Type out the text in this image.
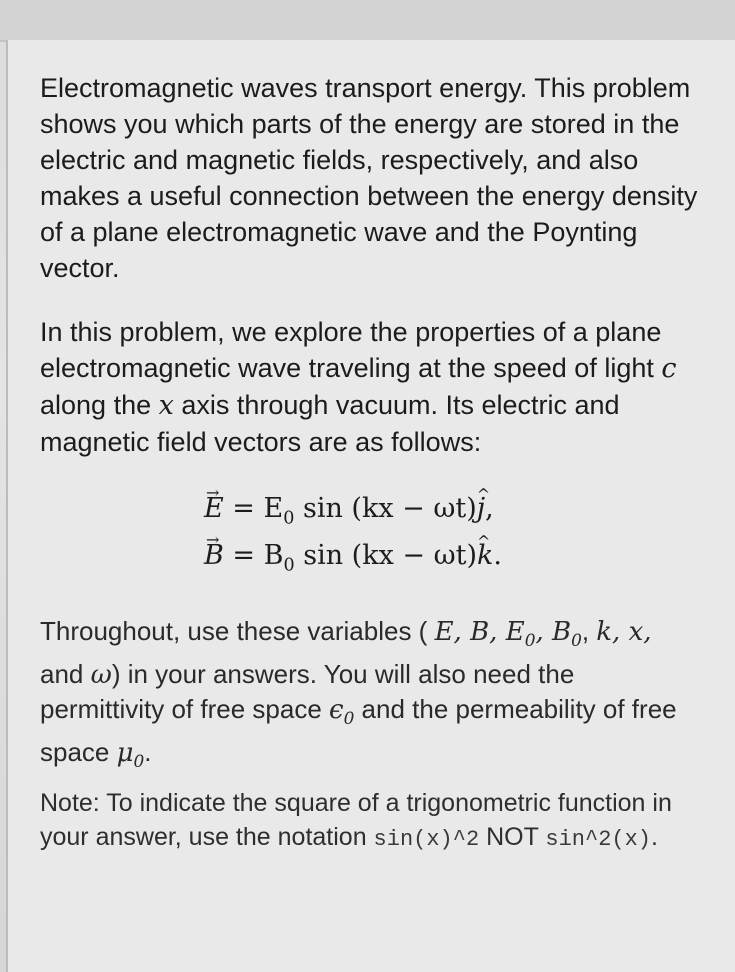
Electromagnetic waves transport energy. This problem shows you which parts of the energy are stored in the electric and magnetic fields, respectively, and also makes a useful connection between the energy density of a plane electromagnetic wave and the Poynting vector.

In this problem, we explore the properties of a plane electromagnetic wave traveling at the speed of light c along the x axis through vacuum. Its electric and magnetic field vectors are as follows:

→ $E = E_0$ sin (kx − ωt)^ j,
→ $B = B_0$ sin (kx − ωt)^ k.

Throughout, use these variables ( E, B, $E_0$, $B_0$, k, x, and ω) in your answers. You will also need the permittivity of free space $\epsilon_0$ and the permeability of free space $\mu_0$.

Note: To indicate the square of a trigonometric function in your answer, use the notation sin(x)^2 NOT sin^2(x).
